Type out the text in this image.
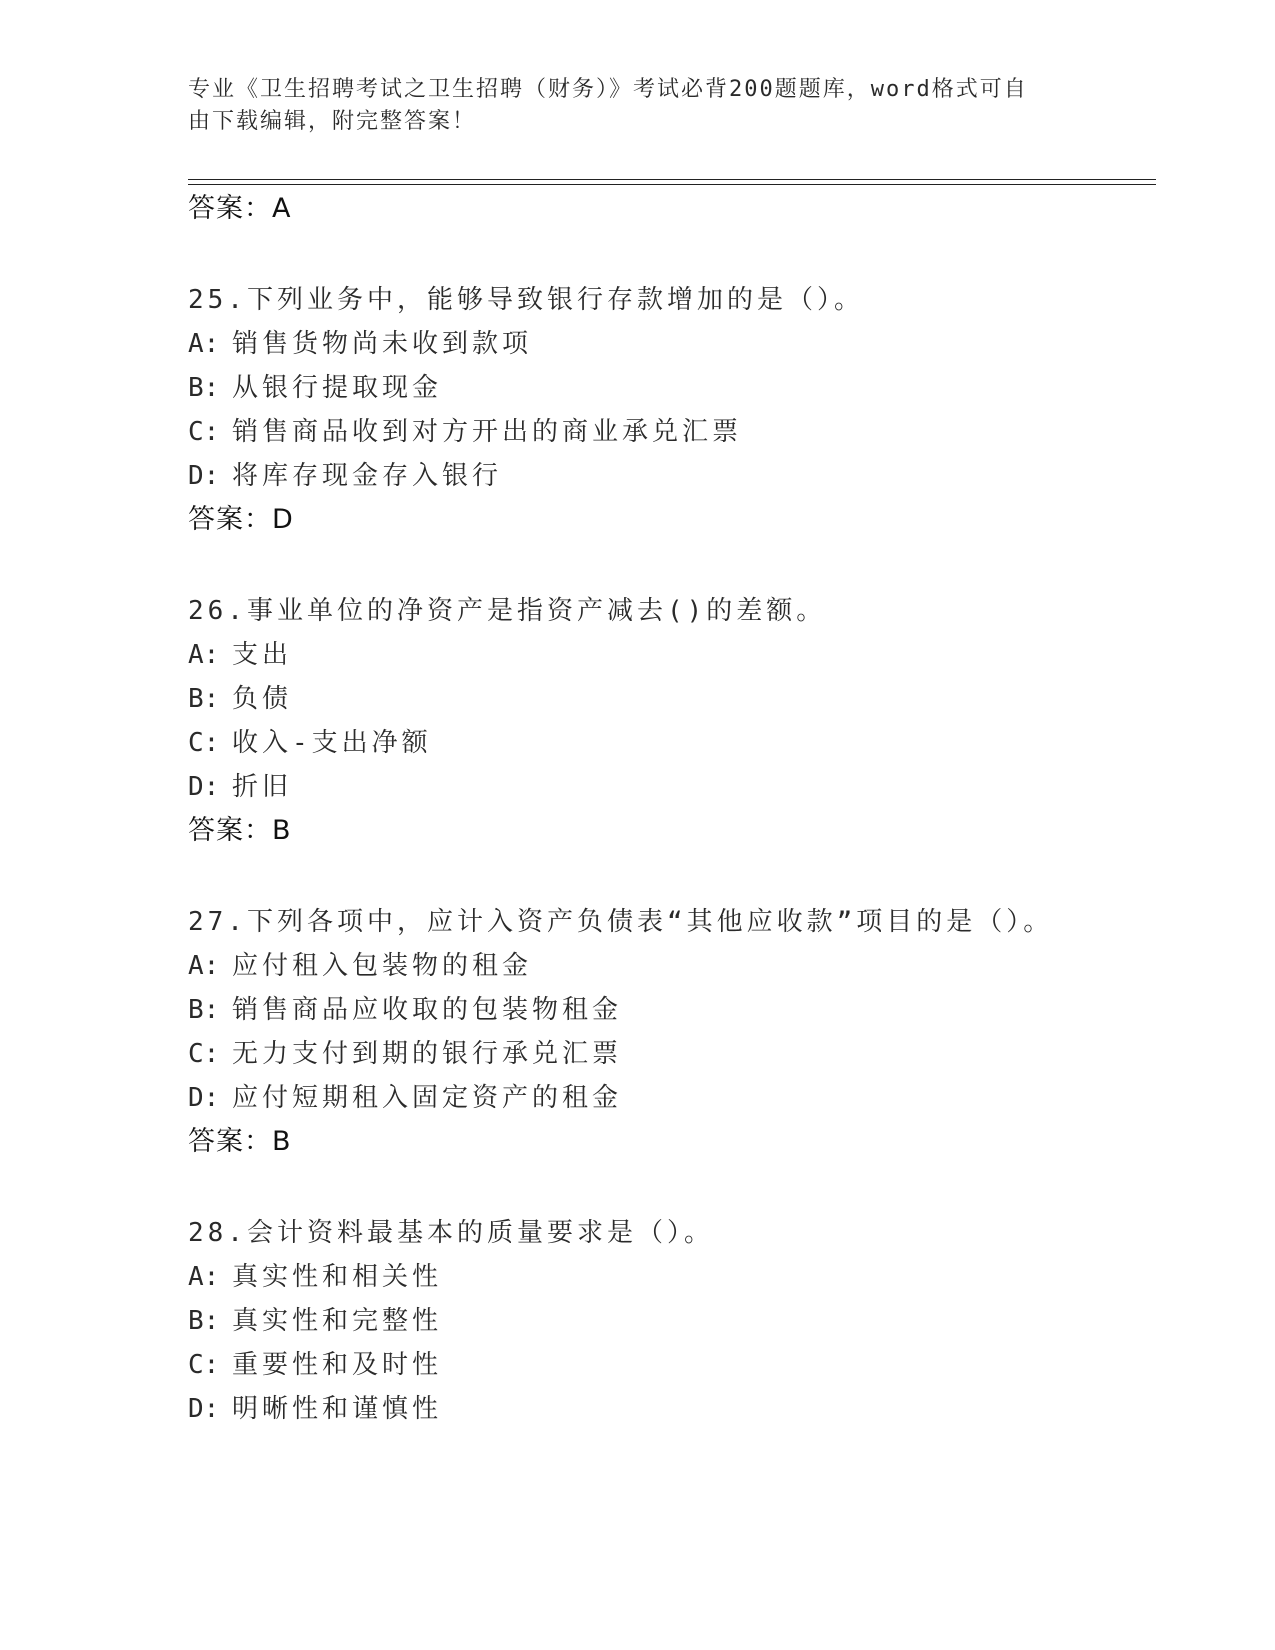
专业《卫生招聘考试之卫生招聘（财务）》考试必背200题题库，word格式可自
由下载编辑，附完整答案！
答案：A
25.下列业务中，能够导致银行存款增加的是（）。
A: 销售货物尚未收到款项
B: 从银行提取现金
C: 销售商品收到对方开出的商业承兑汇票
D: 将库存现金存入银行
答案：D
26.事业单位的净资产是指资产减去()的差额。
A: 支出
B: 负债
C: 收入-支出净额
D: 折旧
答案：B
27.下列各项中，应计入资产负债表“其他应收款”项目的是（）。
A: 应付租入包装物的租金
B: 销售商品应收取的包装物租金
C: 无力支付到期的银行承兑汇票
D: 应付短期租入固定资产的租金
答案：B
28.会计资料最基本的质量要求是（）。
A: 真实性和相关性
B: 真实性和完整性
C: 重要性和及时性
D: 明晰性和谨慎性
